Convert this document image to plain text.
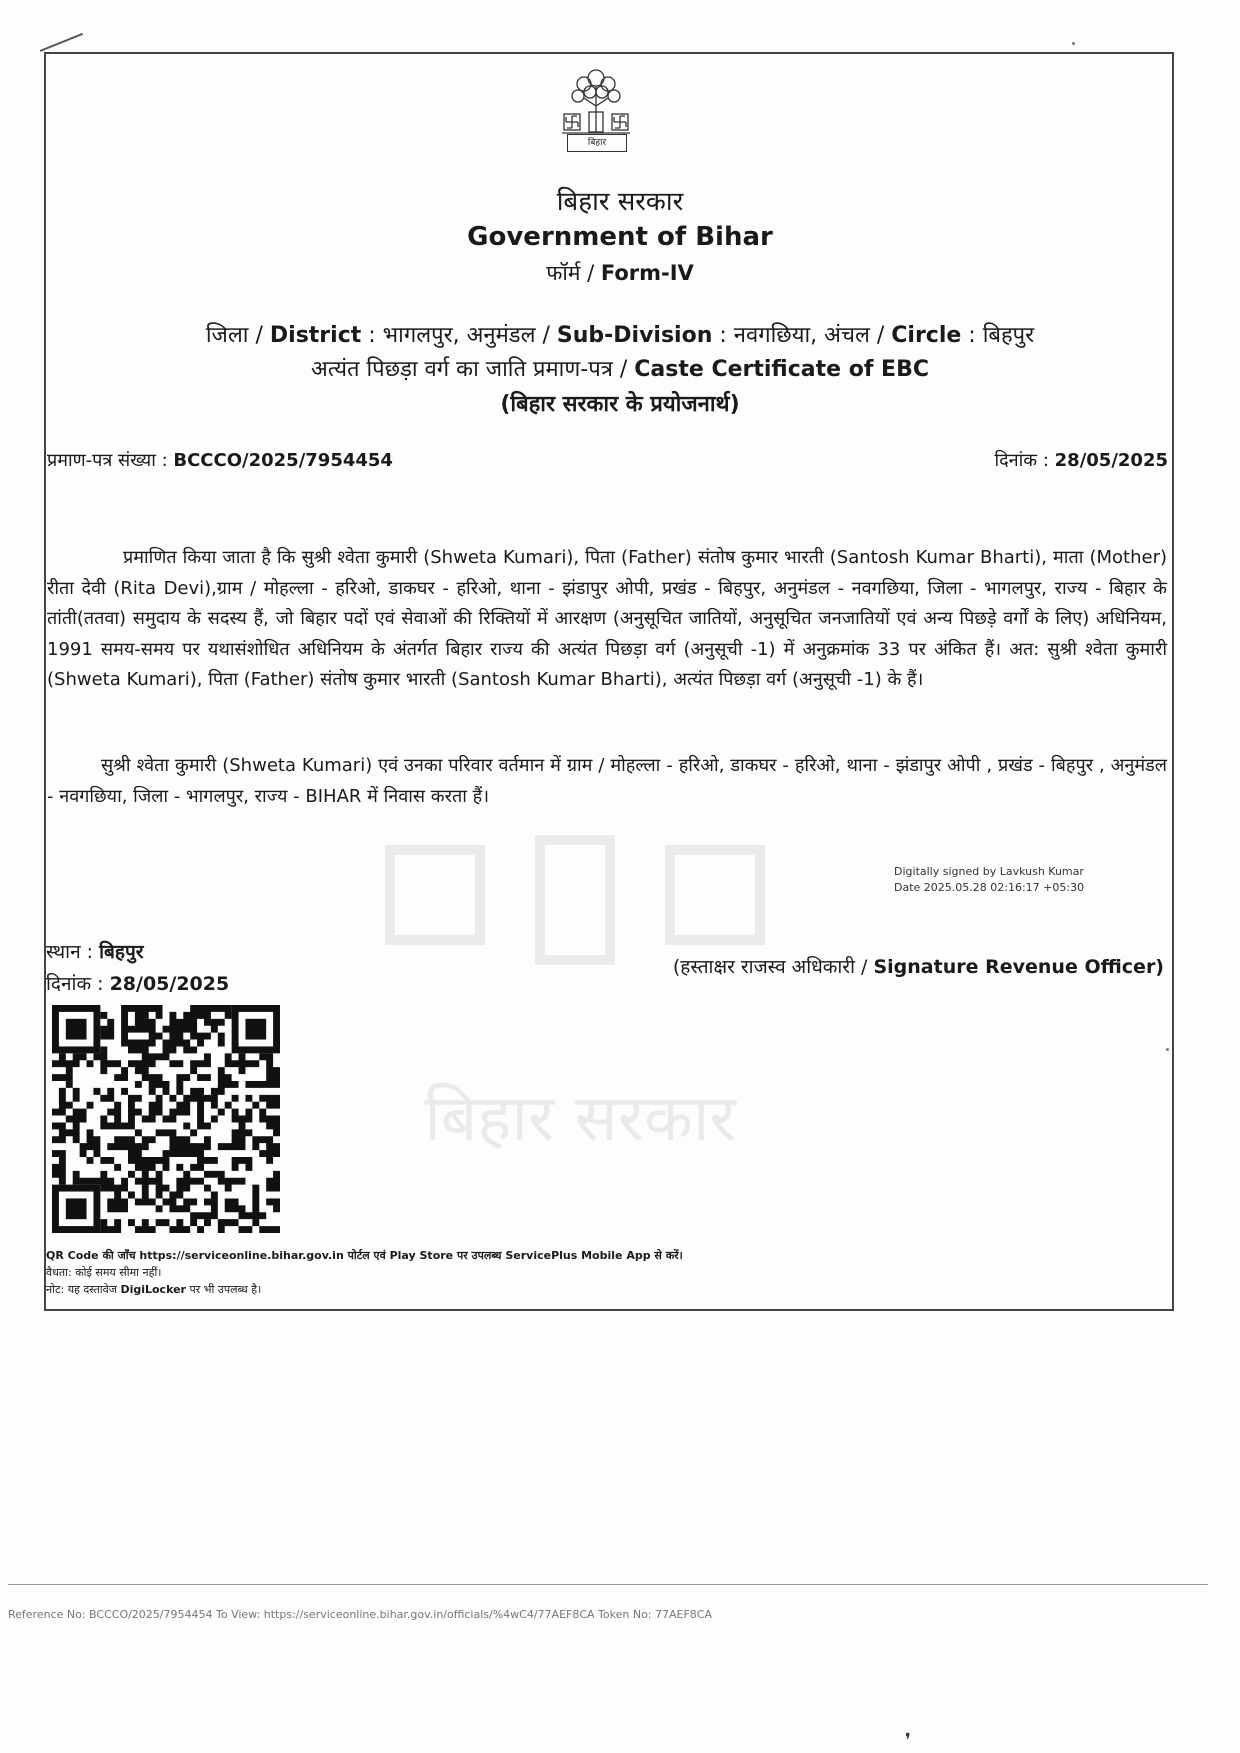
बिहार
बिहार सरकार
Government of Bihar
फॉर्म / Form-IV
जिला / District : भागलपुर, अनुमंडल / Sub-Division : नवगछिया, अंचल / Circle : बिहपुर
अत्यंत पिछड़ा वर्ग का जाति प्रमाण-पत्र / Caste Certificate of EBC
(बिहार सरकार के प्रयोजनार्थ)
प्रमाण-पत्र संख्या : BCCCO/2025/7954454	दिनांक : 28/05/2025
बिहार सरकार
प्रमाणित किया जाता है कि सुश्री श्वेता कुमारी (Shweta Kumari), पिता (Father) संतोष कुमार भारती (Santosh Kumar Bharti), माता (Mother) रीता देवी (Rita Devi),ग्राम / मोहल्ला - हरिओ, डाकघर - हरिओ, थाना - झंडापुर ओपी, प्रखंड - बिहपुर, अनुमंडल - नवगछिया, जिला - भागलपुर, राज्य - बिहार के तांती(ततवा) समुदाय के सदस्य हैं, जो बिहार पदों एवं सेवाओं की रिक्तियों में आरक्षण (अनुसूचित जातियों, अनुसूचित जनजातियों एवं अन्य पिछड़े वर्गों के लिए) अधिनियम, 1991 समय-समय पर यथासंशोधित अधिनियम के अंतर्गत बिहार राज्य की अत्यंत पिछड़ा वर्ग (अनुसूची -1) में अनुक्रमांक 33 पर अंकित हैं। अत: सुश्री श्वेता कुमारी (Shweta Kumari), पिता (Father) संतोष कुमार भारती (Santosh Kumar Bharti), अत्यंत पिछड़ा वर्ग (अनुसूची -1) के हैं।
सुश्री श्वेता कुमारी (Shweta Kumari) एवं उनका परिवार वर्तमान में ग्राम / मोहल्ला - हरिओ, डाकघर - हरिओ, थाना - झंडापुर ओपी , प्रखंड - बिहपुर , अनुमंडल - नवगछिया, जिला - भागलपुर, राज्य - BIHAR में निवास करता हैं।
Digitally signed by Lavkush Kumar
Date 2025.05.28 02:16:17 +05:30
स्थान : बिहपुर
दिनांक : 28/05/2025
(हस्ताक्षर राजस्व अधिकारी / Signature Revenue Officer)
QR Code की जाँच https://serviceonline.bihar.gov.in पोर्टल एवं Play Store पर उपलब्ध ServicePlus Mobile App से करें।
वैधता: कोई समय सीमा नहीं।
नोट: यह दस्तावेज DigiLocker पर भी उपलब्ध है।
Reference No: BCCCO/2025/7954454 To View: https://serviceonline.bihar.gov.in/officials/%4wC4/77AEF8CA Token No: 77AEF8CA
❜
